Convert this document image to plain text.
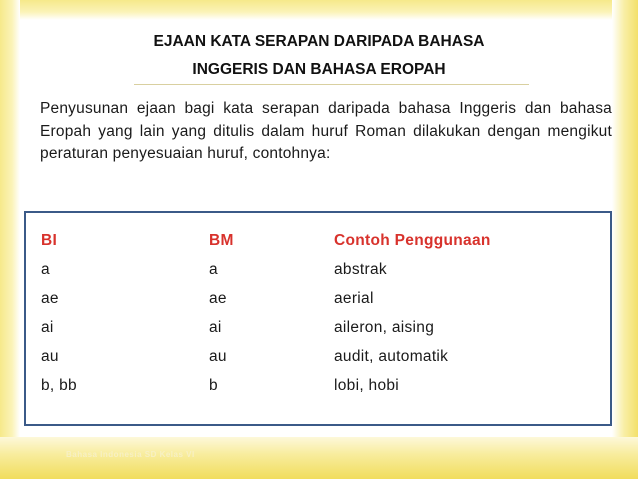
Bahasa Indonesia SD Kelas VI
EJAAN KATA SERAPAN DARIPADA BAHASA
INGGERIS DAN BAHASA EROPAH

Penyusunan ejaan bagi kata serapan daripada bahasa Inggeris dan bahasa Eropah yang lain yang ditulis dalam huruf Roman dilakukan dengan mengikut peraturan penyesuaian huruf, contohnya:

BI	BM	Contoh Penggunaan
a	a	abstrak
ae	ae	aerial
ai	ai	aileron, aising
au	au	audit, automatik
b, bb	b	lobi, hobi
